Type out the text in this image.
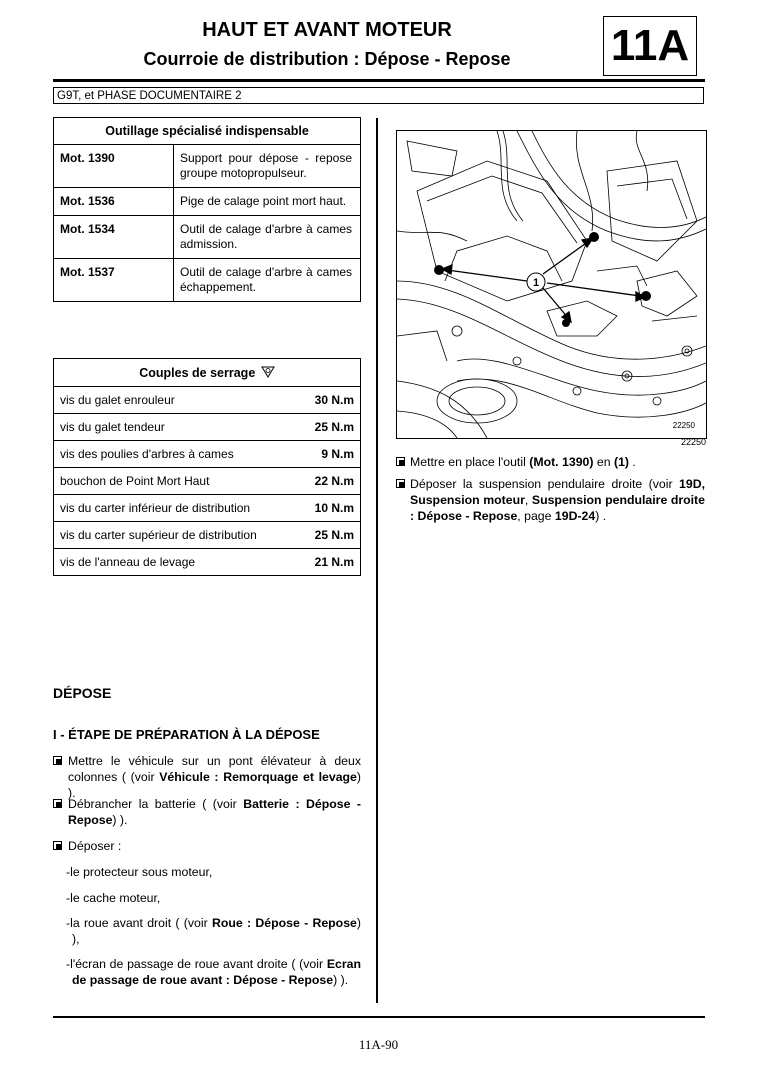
HAUT ET AVANT MOTEUR
Courroie de distribution : Dépose - Repose	11A
G9T, et PHASE DOCUMENTAIRE 2
Outillage spécialisé indispensable	
Mot. 1390	Support pour dépose - repose groupe motopropulseur.
Mot. 1536	Pige de calage point mort haut.
Mot. 1534	Outil de calage d'arbre à cames admission.
Mot. 1537	Outil de calage d'arbre à cames échappement.
Couples de serrage	
vis du galet enrouleur	30 N.m
vis du galet tendeur	25 N.m
vis des poulies d'arbres à cames	9 N.m
bouchon de Point Mort Haut	22 N.m
vis du carter inférieur de distribution	10 N.m
vis du carter supérieur de distribution	25 N.m
vis de l'anneau de levage	21 N.m
DÉPOSE
I - ÉTAPE DE PRÉPARATION À LA DÉPOSE
Mettre le véhicule sur un pont élévateur à deux colonnes ( (voir Véhicule : Remorquage et levage) ).
Débrancher la batterie ( (voir Batterie : Dépose - Repose) ).
Déposer :
-le protecteur sous moteur,
-le cache moteur,
-la roue avant droit ( (voir Roue : Dépose - Repose) ),
-l'écran de passage de roue avant droite ( (voir Ecran de passage de roue avant : Dépose - Repose) ).
1
22250
22250
Mettre en place l'outil (Mot. 1390) en (1) .
Déposer la suspension pendulaire droite (voir 19D, Suspension moteur, Suspension pendulaire droite : Dépose - Repose, page 19D-24) .
11A-90
